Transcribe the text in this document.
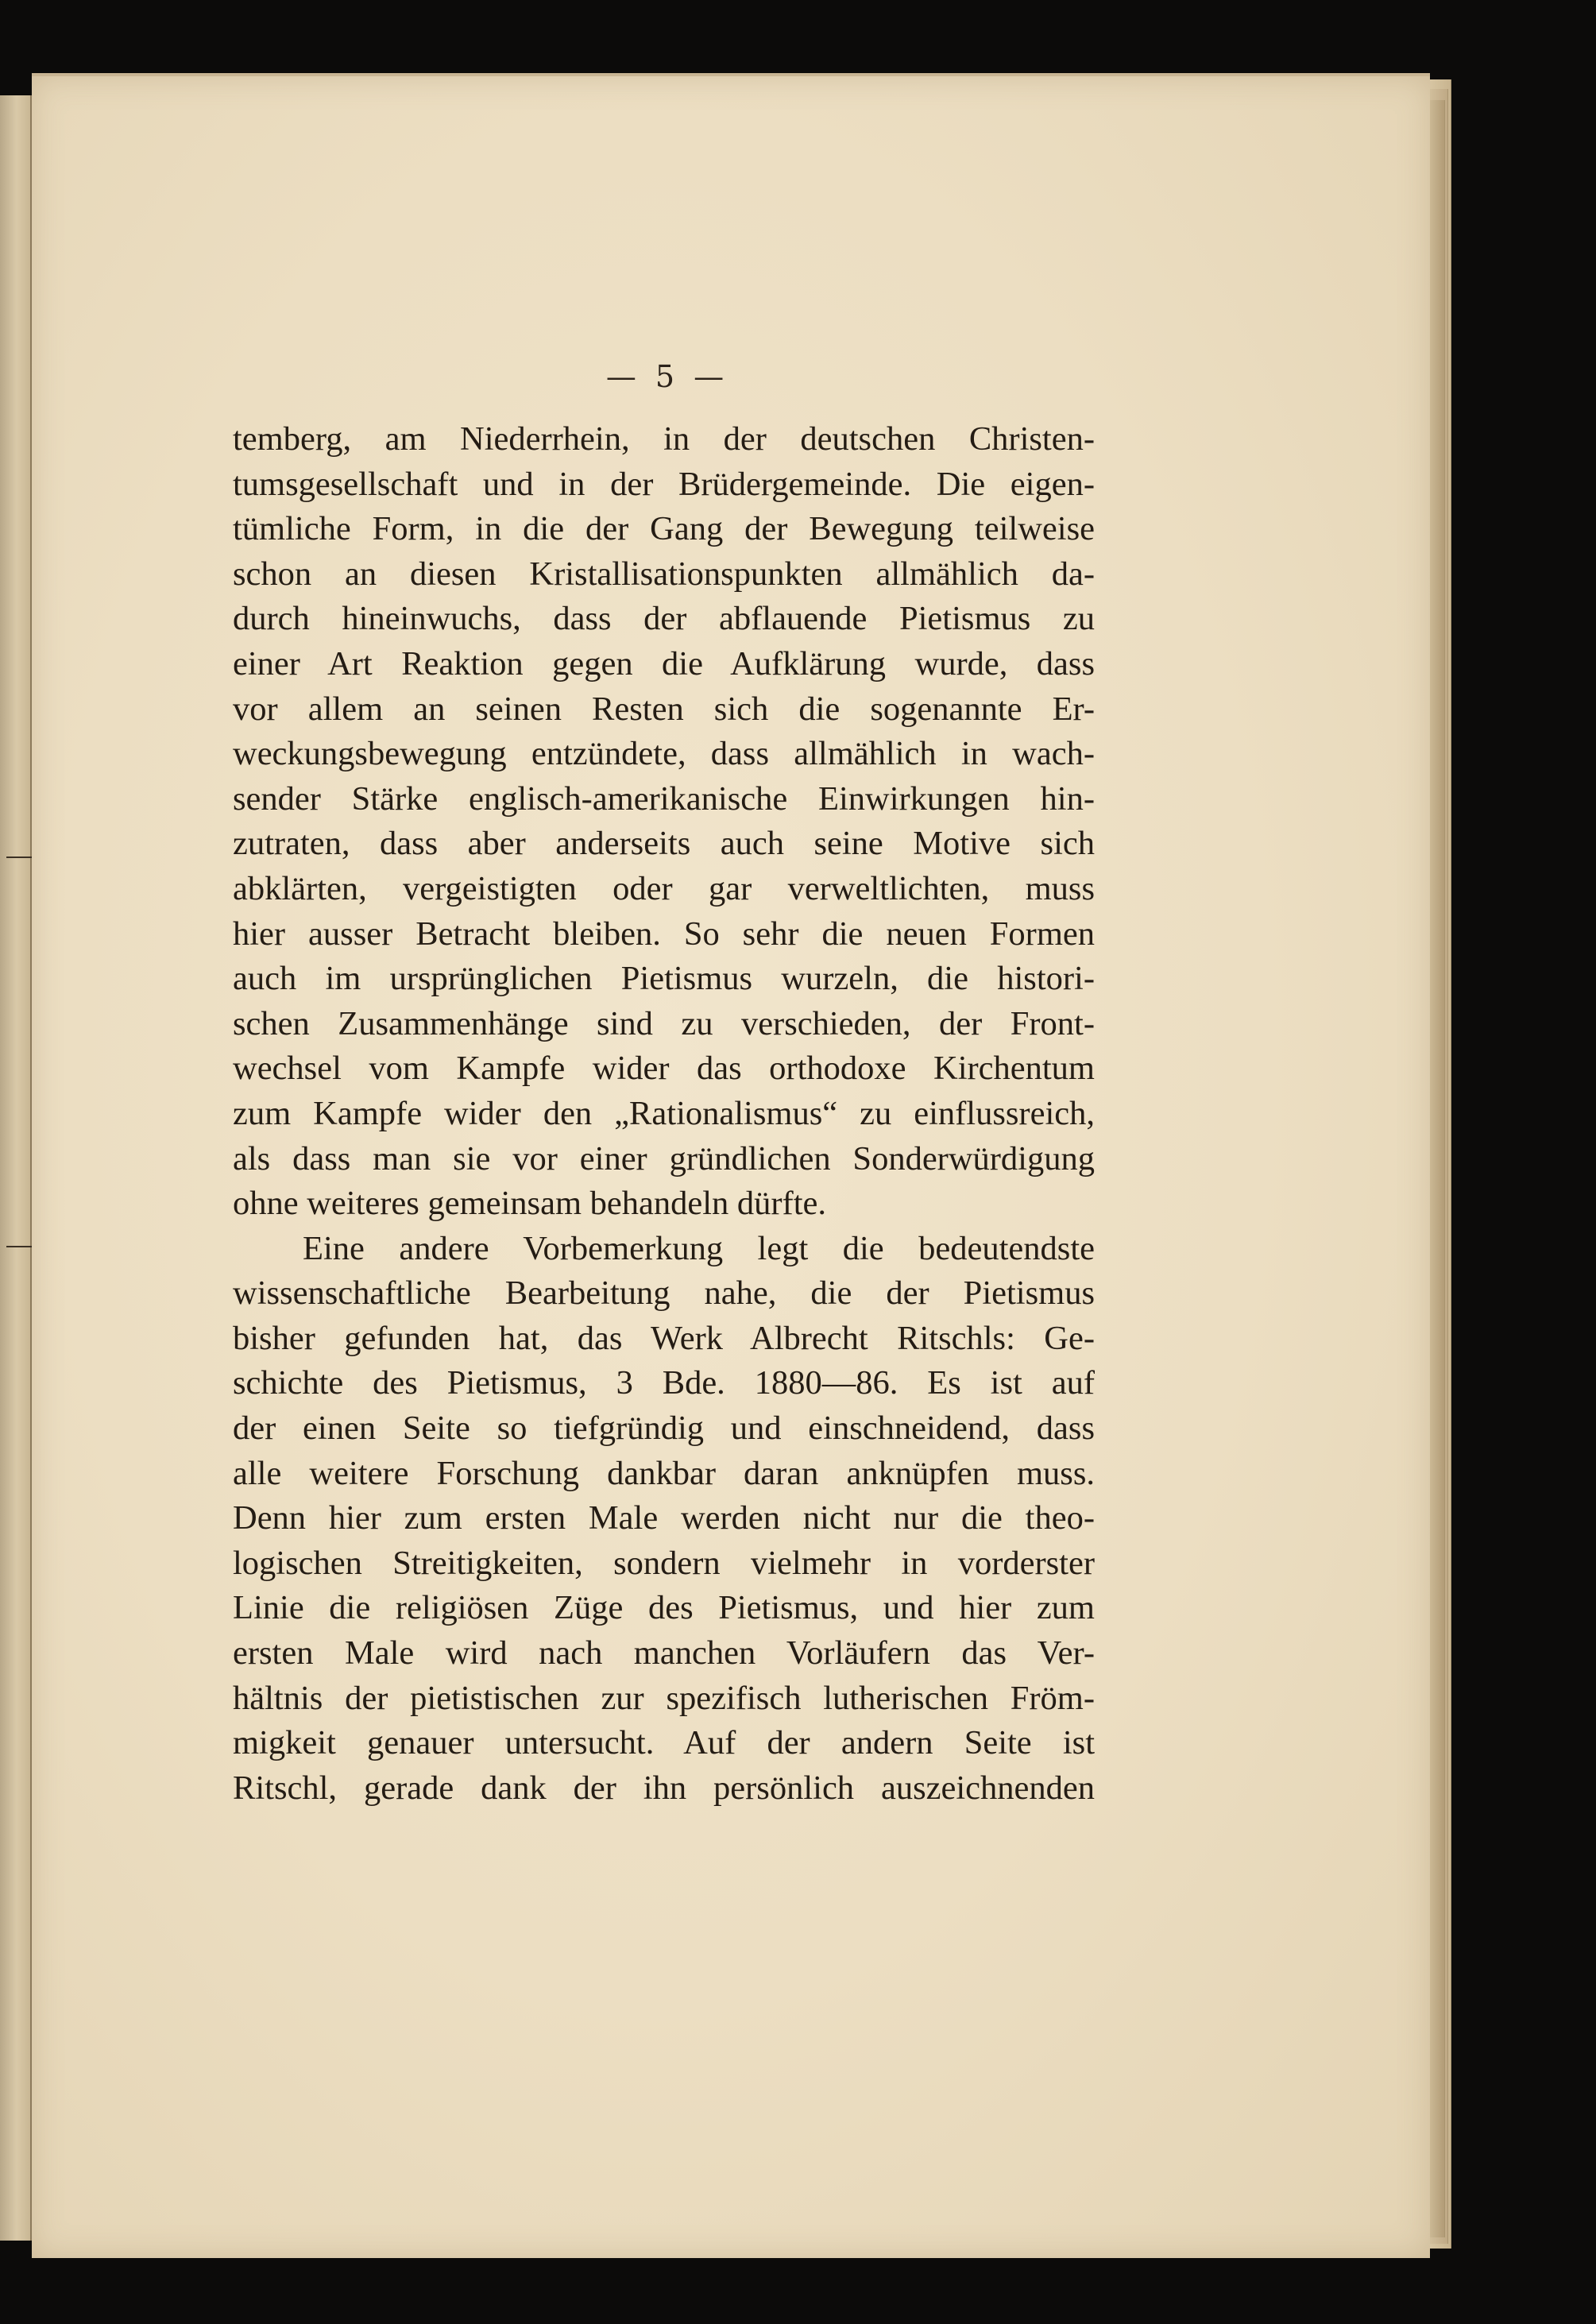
— 5 —
temberg, am Niederrhein, in der deutschen Christen-
tumsgesellschaft und in der Brüdergemeinde. Die eigen-
tümliche Form, in die der Gang der Bewegung teilweise
schon an diesen Kristallisationspunkten allmählich da-
durch hineinwuchs, dass der abflauende Pietismus zu
einer Art Reaktion gegen die Aufklärung wurde, dass
vor allem an seinen Resten sich die sogenannte Er-
weckungsbewegung entzündete, dass allmählich in wach-
sender Stärke englisch-amerikanische Einwirkungen hin-
zutraten, dass aber anderseits auch seine Motive sich
abklärten, vergeistigten oder gar verweltlichten, muss
hier ausser Betracht bleiben. So sehr die neuen Formen
auch im ursprünglichen Pietismus wurzeln, die histori-
schen Zusammenhänge sind zu verschieden, der Front-
wechsel vom Kampfe wider das orthodoxe Kirchentum
zum Kampfe wider den „Rationalismus“ zu einflussreich,
als dass man sie vor einer gründlichen Sonderwürdigung
ohne weiteres gemeinsam behandeln dürfte.
Eine andere Vorbemerkung legt die bedeutendste
wissenschaftliche Bearbeitung nahe, die der Pietismus
bisher gefunden hat, das Werk Albrecht Ritschls: Ge-
schichte des Pietismus, 3 Bde. 1880—86. Es ist auf
der einen Seite so tiefgründig und einschneidend, dass
alle weitere Forschung dankbar daran anknüpfen muss.
Denn hier zum ersten Male werden nicht nur die theo-
logischen Streitigkeiten, sondern vielmehr in vorderster
Linie die religiösen Züge des Pietismus, und hier zum
ersten Male wird nach manchen Vorläufern das Ver-
hältnis der pietistischen zur spezifisch lutherischen Fröm-
migkeit genauer untersucht. Auf der andern Seite ist
Ritschl, gerade dank der ihn persönlich auszeichnenden
